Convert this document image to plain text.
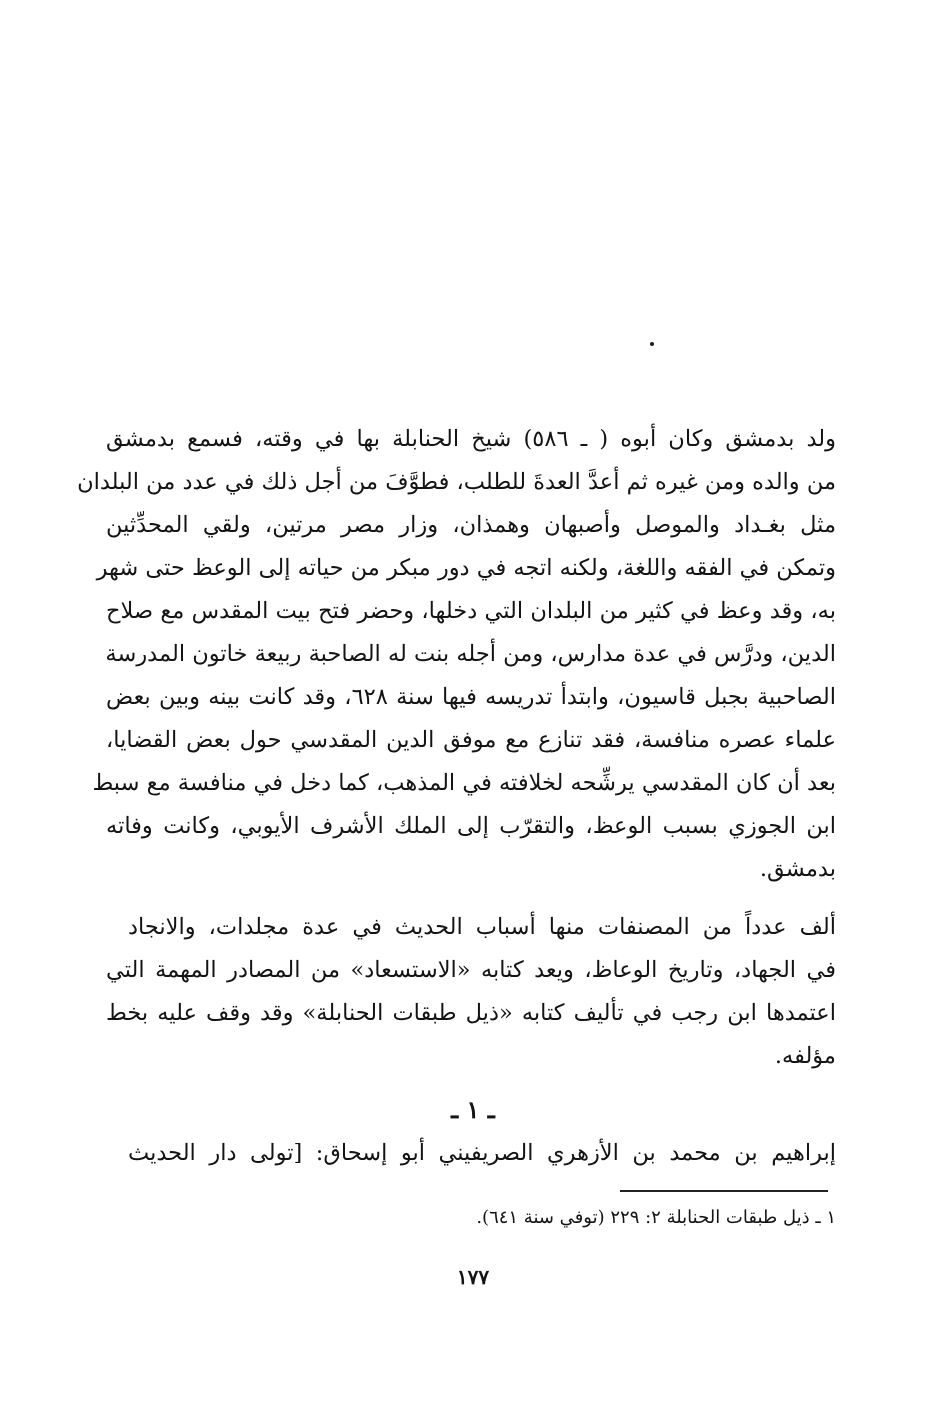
ولد بدمشق وكان أبوه ( ـ ٥٨٦) شيخ الحنابلة بها في وقته، فسمع بدمشق
من والده ومن غيره ثم أعدَّ العدةَ للطلب، فطوَّفَ من أجل ذلك في عدد من البلدان
مثل بغـداد والموصل وأصبهان وهمذان، وزار مصر مرتين، ولقي المحدِّثين
وتمكن في الفقه واللغة، ولكنه اتجه في دور مبكر من حياته إلى الوعظ حتى شهر
به، وقد وعظ في كثير من البلدان التي دخلها، وحضر فتح بيت المقدس مع صلاح
الدين، ودرَّس في عدة مدارس، ومن أجله بنت له الصاحبة ربيعة خاتون المدرسة
الصاحبية بجبل قاسيون، وابتدأ تدريسه فيها سنة ٦٢٨، وقد كانت بينه وبين بعض
علماء عصره منافسة، فقد تنازع مع موفق الدين المقدسي حول بعض القضايا،
بعد أن كان المقدسي يرشِّحه لخلافته في المذهب، كما دخل في منافسة مع سبط
ابن الجوزي بسبب الوعظ، والتقرّب إلى الملك الأشرف الأيوبي، وكانت وفاته
بدمشق.
ألف عدداً من المصنفات منها أسباب الحديث في عدة مجلدات، والانجاد
في الجهاد، وتاريخ الوعاظ، ويعد كتابه «الاستسعاد» من المصادر المهمة التي
اعتمدها ابن رجب في تأليف كتابه «ذيل طبقات الحنابلة» وقد وقف عليه بخط
مؤلفه.
ـ ١ ـ
إبراهيم بن محمد بن الأزهري الصريفيني أبو إسحاق: [تولى دار الحديث
١ ـ ذيل طبقات الحنابلة ٢: ٢٢٩ (توفي سنة ٦٤١).
١٧٧
